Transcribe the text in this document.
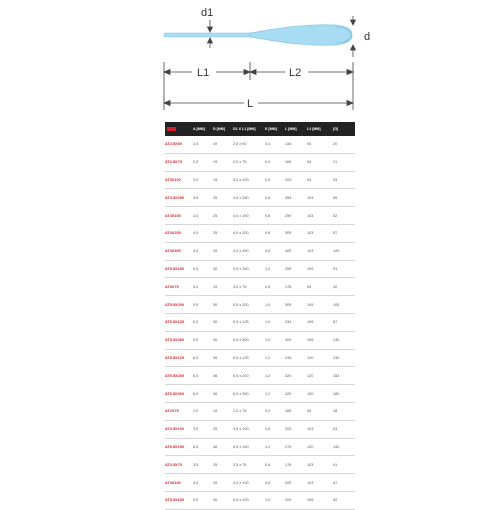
d1
d
L1	L2
L
	A [MM]	D [MM]	D1 X L1 [MM]	E [MM]	L [MM]	L2 [MM]	[G]
AT2.5X50	2,5	19	2,5 x 50	0,4	144	94	20
AT2.5X75	2,5	19	2,5 x 75	0,4	169	94	21
AT3X100	3,0	19	3,0 x 100	0,5	203	94	33
AT3.5X250	3,5	25	3,5 x 250	0,6	353	103	55
AT4X150	4,0	25	4,0 x 150	0,8	259	103	52
AT4X200	4,0	25	4,0 x 200	0,8	309	103	57
AT4X300	4,0	25	4,0 x 300	0,8	409	103	120
AT5.5X150	5,5	30	5,5 x 150	1,0	259	109	91
AT3X75	3,0	19	3,0 x 75	0,5	178	94	32
AT5.5X200	5,5	30	5,5 x 200	1,0	309	109	105
AT5.5X125	5,5	30	5,5 x 125	1,0	234	109	87
AT5.5X300	5,5	30	5,5 x 300	1,0	409	109	130
AT6.5X125	6,5	36	6,5 x 125	1,2	245	120	132
AT6.5X200	6,5	36	6,5 x 200	1,2	320	120	153
AT6.5X300	6,5	36	6,5 x 300	1,2	420	120	180
AT2X75	2,0	19	2,0 x 75	0,4	169	94	18
AT3.5X100	3,5	25	3,5 x 100	0,6	203	103	43
AT6.5X150	6,5	36	6,5 x 150	1,2	270	120	140
AT3.5X75	3,5	25	3,5 x 75	0,6	178	103	41
AT4X100	4,0	25	4,0 x 100	0,8	209	103	47
AT5.5X100	5,5	30	5,5 x 100	1,0	209	109	82
